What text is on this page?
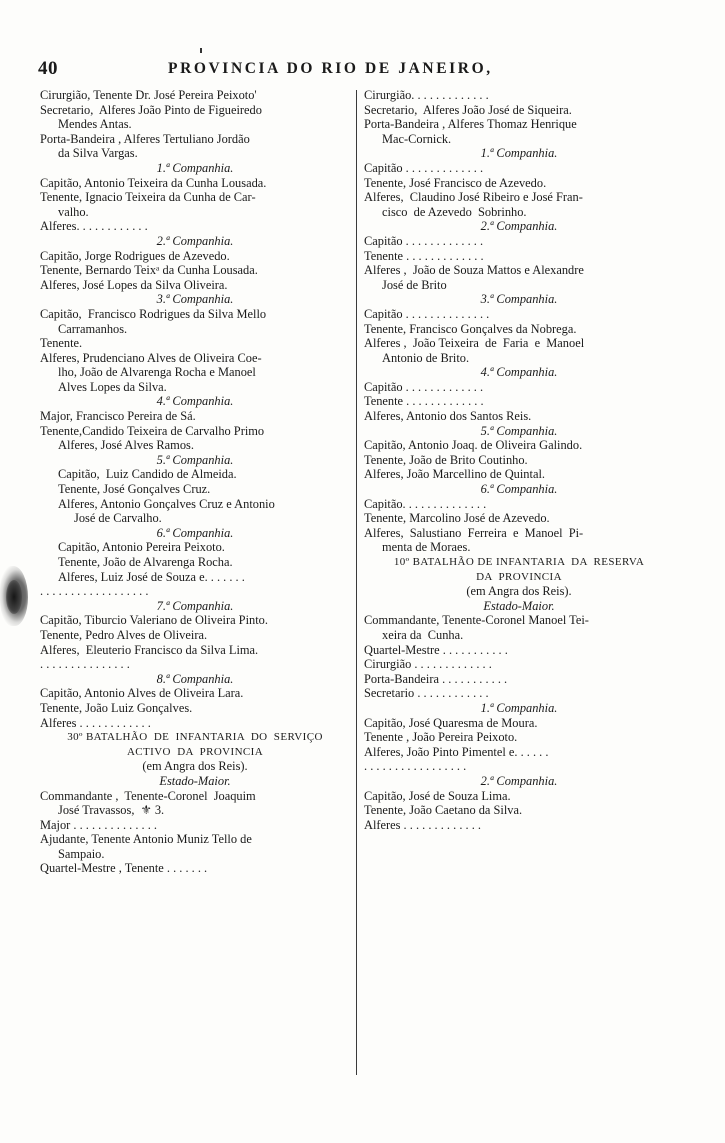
40	PROVINCIA DO RIO DE JANEIRO,

Cirurgião, Tenente Dr. José Pereira Peixoto'

Secretario,  Alferes João Pinto de Figueiredo

Mendes Antas.

Porta-Bandeira , Alferes Tertuliano Jordão

da Silva Vargas.

1.ª Companhia.

Capitão, Antonio Teixeira da Cunha Lousada.

Tenente, Ignacio Teixeira da Cunha de Car-

valho.

Alferes. . . . . . . . . . . .

2.ª Companhia.

Capitão, Jorge Rodrigues de Azevedo.

Tenente, Bernardo Teixᵃ da Cunha Lousada.

Alferes, José Lopes da Silva Oliveira.

3.ª Companhia.

Capitão,  Francisco Rodrigues da Silva Mello

Carramanhos.

Tenente.

Alferes, Prudenciano Alves de Oliveira Coe-

lho, João de Alvarenga Rocha e Manoel

Alves Lopes da Silva.

4.ª Companhia.

Major, Francisco Pereira de Sá.

Tenente,Candido Teixeira de Carvalho Primo

Alferes, José Alves Ramos.

5.ª Companhia.

Capitão,  Luiz Candido de Almeida.

Tenente, José Gonçalves Cruz.

Alferes, Antonio Gonçalves Cruz e Antonio

José de Carvalho.

6.ª Companhia.

Capitão, Antonio Pereira Peixoto.

Tenente, João de Alvarenga Rocha.

Alferes, Luiz José de Souza e. . . . . . .

. . . . . . . . . . . . . . . . . .

7.ª Companhia.

Capitão, Tiburcio Valeriano de Oliveira Pinto.

Tenente, Pedro Alves de Oliveira.

Alferes,  Eleuterio Francisco da Silva Lima.

. . . . . . . . . . . . . . .

8.ª Companhia.

Capitão, Antonio Alves de Oliveira Lara.

Tenente, João Luiz Gonçalves.

Alferes . . . . . . . . . . . .

30º BATALHÃO  DE  INFANTARIA  DO  SERVIÇO

ACTIVO  DA  PROVINCIA

(em Angra dos Reis).

Estado-Maior.

Commandante ,  Tenente-Coronel  Joaquim

José Travassos,  ⚜ 3.

Major . . . . . . . . . . . . . .

Ajudante, Tenente Antonio Muniz Tello de

Sampaio.

Quartel-Mestre , Tenente . . . . . . .

Cirurgião. . . . . . . . . . . . .

Secretario,  Alferes João José de Siqueira.

Porta-Bandeira , Alferes Thomaz Henrique

Mac-Cornick.

1.ª Companhia.

Capitão . . . . . . . . . . . . .

Tenente, José Francisco de Azevedo.

Alferes,  Claudino José Ribeiro e José Fran-

cisco  de Azevedo  Sobrinho.

2.ª Companhia.

Capitão . . . . . . . . . . . . .

Tenente . . . . . . . . . . . . .

Alferes ,  João de Souza Mattos e Alexandre

José de Brito

3.ª Companhia.

Capitão . . . . . . . . . . . . . .

Tenente, Francisco Gonçalves da Nobrega.

Alferes ,  João Teixeira  de  Faria  e  Manoel

Antonio de Brito.

4.ª Companhia.

Capitão . . . . . . . . . . . . .

Tenente . . . . . . . . . . . . .

Alferes, Antonio dos Santos Reis.

5.ª Companhia.

Capitão, Antonio Joaq. de Oliveira Galindo.

Tenente, João de Brito Coutinho.

Alferes, João Marcellino de Quintal.

6.ª Companhia.

Capitão. . . . . . . . . . . . . .

Tenente, Marcolino José de Azevedo.

Alferes,  Salustiano  Ferreira  e  Manoel  Pi-

menta de Moraes.

10º BATALHÃO DE INFANTARIA  DA  RESERVA

DA  PROVINCIA

(em Angra dos Reis).

Estado-Maior.

Commandante, Tenente-Coronel Manoel Tei-

xeira da  Cunha.

Quartel-Mestre . . . . . . . . . . .

Cirurgião . . . . . . . . . . . . .

Porta-Bandeira . . . . . . . . . . .

Secretario . . . . . . . . . . . .

1.ª Companhia.

Capitão, José Quaresma de Moura.

Tenente , João Pereira Peixoto.

Alferes, João Pinto Pimentel e. . . . . .

. . . . . . . . . . . . . . . . .

2.ª Companhia.

Capitão, José de Souza Lima.

Tenente, João Caetano da Silva.

Alferes . . . . . . . . . . . . .
